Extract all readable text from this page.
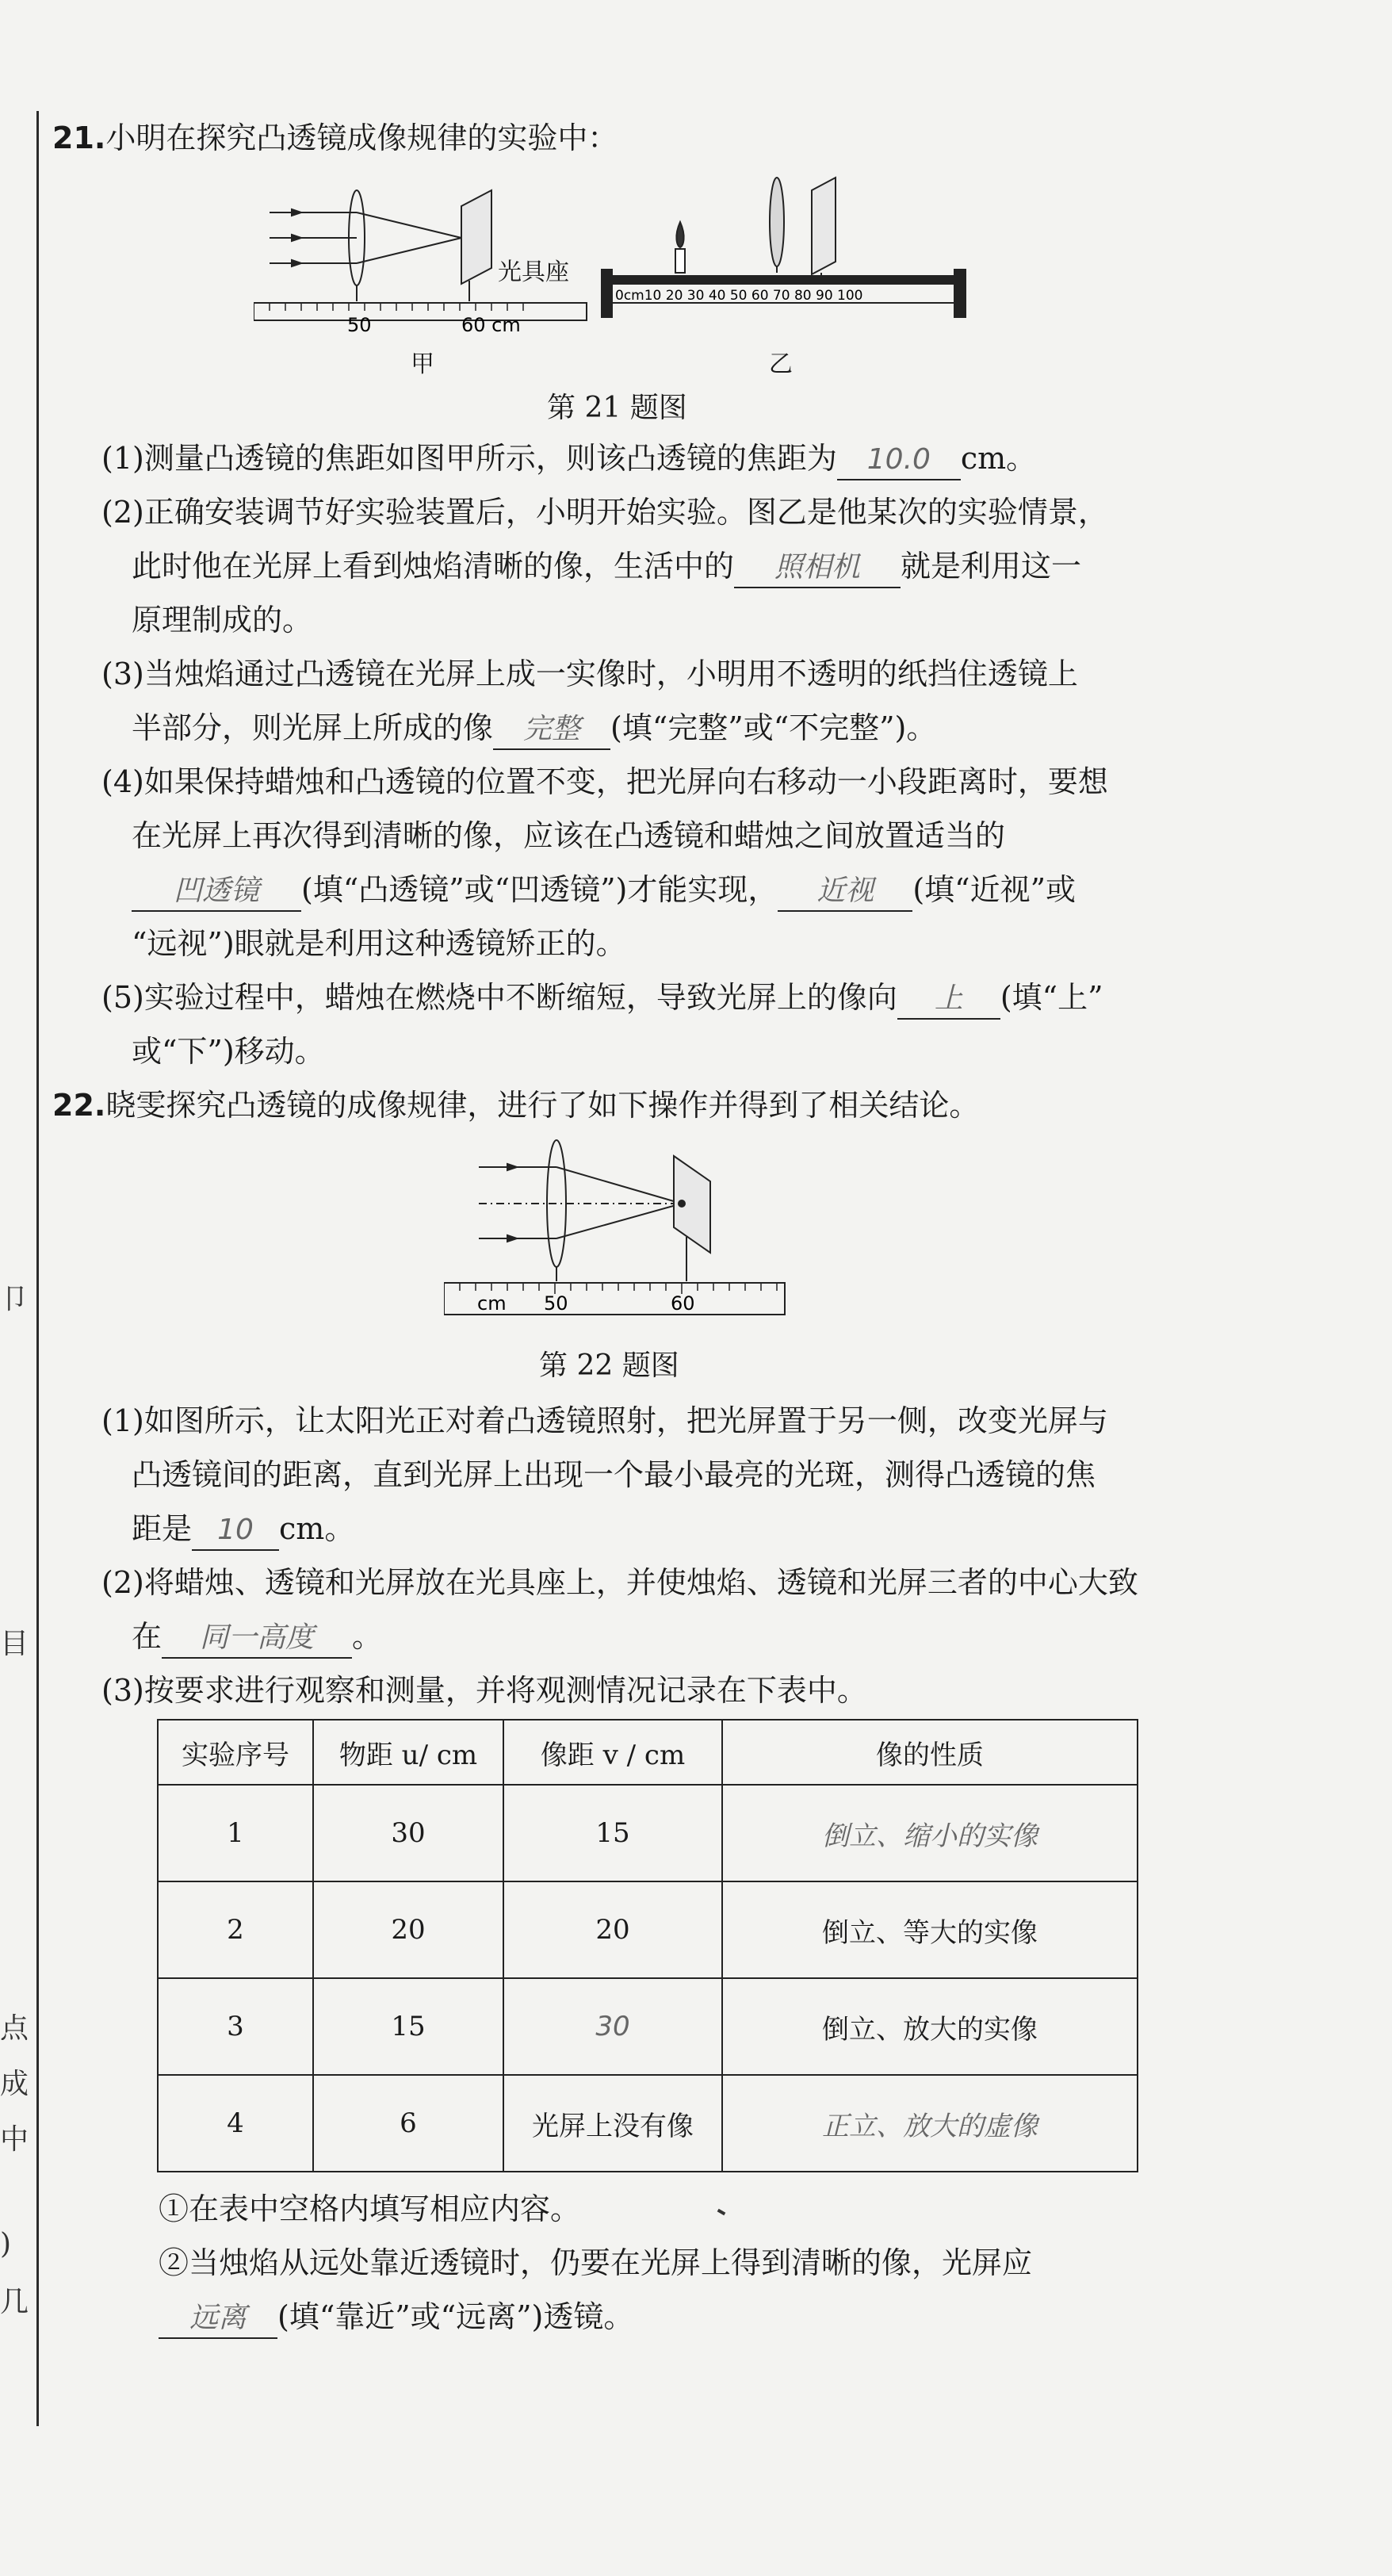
卩
目
点
成
中
)
几
21.小明在探究凸透镜成像规律的实验中：
50	60 cm
光具座
甲
0cm10 20 30 40 50 60 70 80 90 100
乙
第 21 题图
(1)测量凸透镜的焦距如图甲所示，则该凸透镜的焦距为 10.0 cm。
(2)正确安装调节好实验装置后，小明开始实验。图乙是他某次的实验情景，
此时他在光屏上看到烛焰清晰的像，生活中的 照相机 就是利用这一
原理制成的。
(3)当烛焰通过凸透镜在光屏上成一实像时，小明用不透明的纸挡住透镜上
半部分，则光屏上所成的像 完整 (填“完整”或“不完整”)。
(4)如果保持蜡烛和凸透镜的位置不变，把光屏向右移动一小段距离时，要想
在光屏上再次得到清晰的像，应该在凸透镜和蜡烛之间放置适当的
凹透镜 (填“凸透镜”或“凹透镜”)才能实现， 近视 (填“近视”或
“远视”)眼就是利用这种透镜矫正的。
(5)实验过程中，蜡烛在燃烧中不断缩短，导致光屏上的像向 上 (填“上”
或“下”)移动。
22.晓雯探究凸透镜的成像规律，进行了如下操作并得到了相关结论。
cm 50	60
第 22 题图
(1)如图所示，让太阳光正对着凸透镜照射，把光屏置于另一侧，改变光屏与
凸透镜间的距离，直到光屏上出现一个最小最亮的光斑，测得凸透镜的焦
距是 10 cm。
(2)将蜡烛、透镜和光屏放在光具座上，并使烛焰、透镜和光屏三者的中心大致
在 同一高度 。
(3)按要求进行观察和测量，并将观测情况记录在下表中。
实验序号	物距 u/ cm	像距 v / cm	像的性质
1	30	15	倒立、缩小的实像
2	20	20	倒立、等大的实像
3	15	30	倒立、放大的实像
4	6	光屏上没有像	正立、放大的虚像
①在表中空格内填写相应内容。
②当烛焰从远处靠近透镜时，仍要在光屏上得到清晰的像，光屏应
远离 (填“靠近”或“远离”)透镜。
